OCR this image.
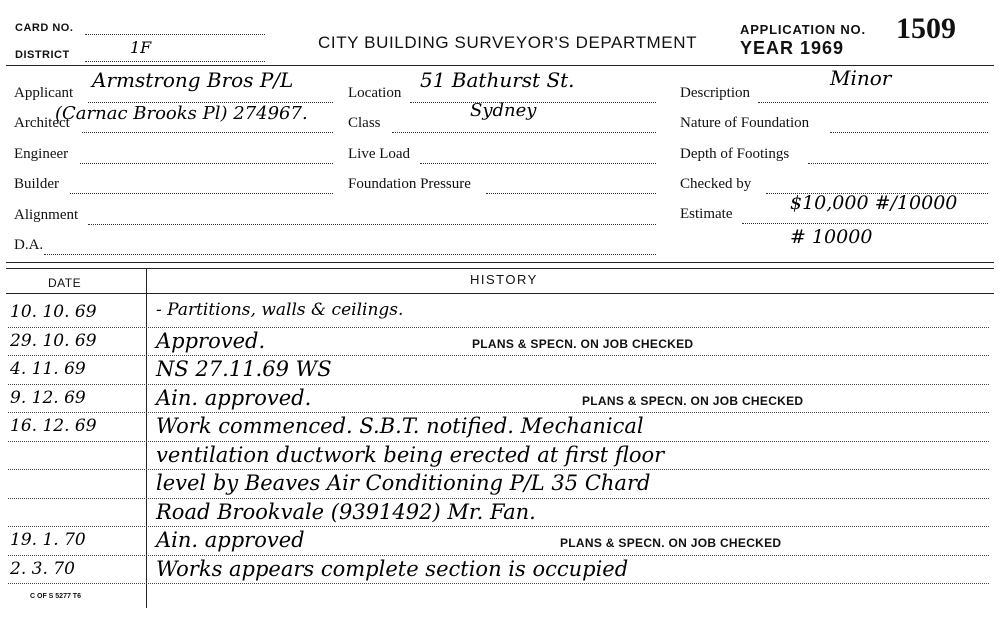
CARD NO.
DISTRICT	1F	CITY BUILDING SURVEYOR'S DEPARTMENT
APPLICATION NO. 1509
YEAR 1969
Applicant
Armstrong Bros P/L
Architect
(Carnac Brooks Pl) 274967.
Engineer
Builder
Alignment
D.A.
Location
51 Bathurst St.
Class
Sydney
Live Load
Foundation Pressure
Description
Minor
Nature of Foundation
Depth of Footings
Checked by
Estimate	$10,000 #/10000
# 10000
DATE	HISTORY
10. 10. 69	- Partitions, walls & ceilings.
29. 10. 69	Approved.	PLANS & SPECN. ON JOB CHECKED
4. 11. 69	NS 27.11.69 WS
9. 12. 69	Ain. approved.	PLANS & SPECN. ON JOB CHECKED
16. 12. 69	Work commenced. S.B.T. notified. Mechanical
ventilation ductwork being erected at first floor
level by Beaves Air Conditioning P/L 35 Chard
Road Brookvale (9391492) Mr. Fan.
19. 1. 70	Ain. approved	PLANS & SPECN. ON JOB CHECKED
2. 3. 70	Works appears complete section is occupied
C OF S 5277 T6
